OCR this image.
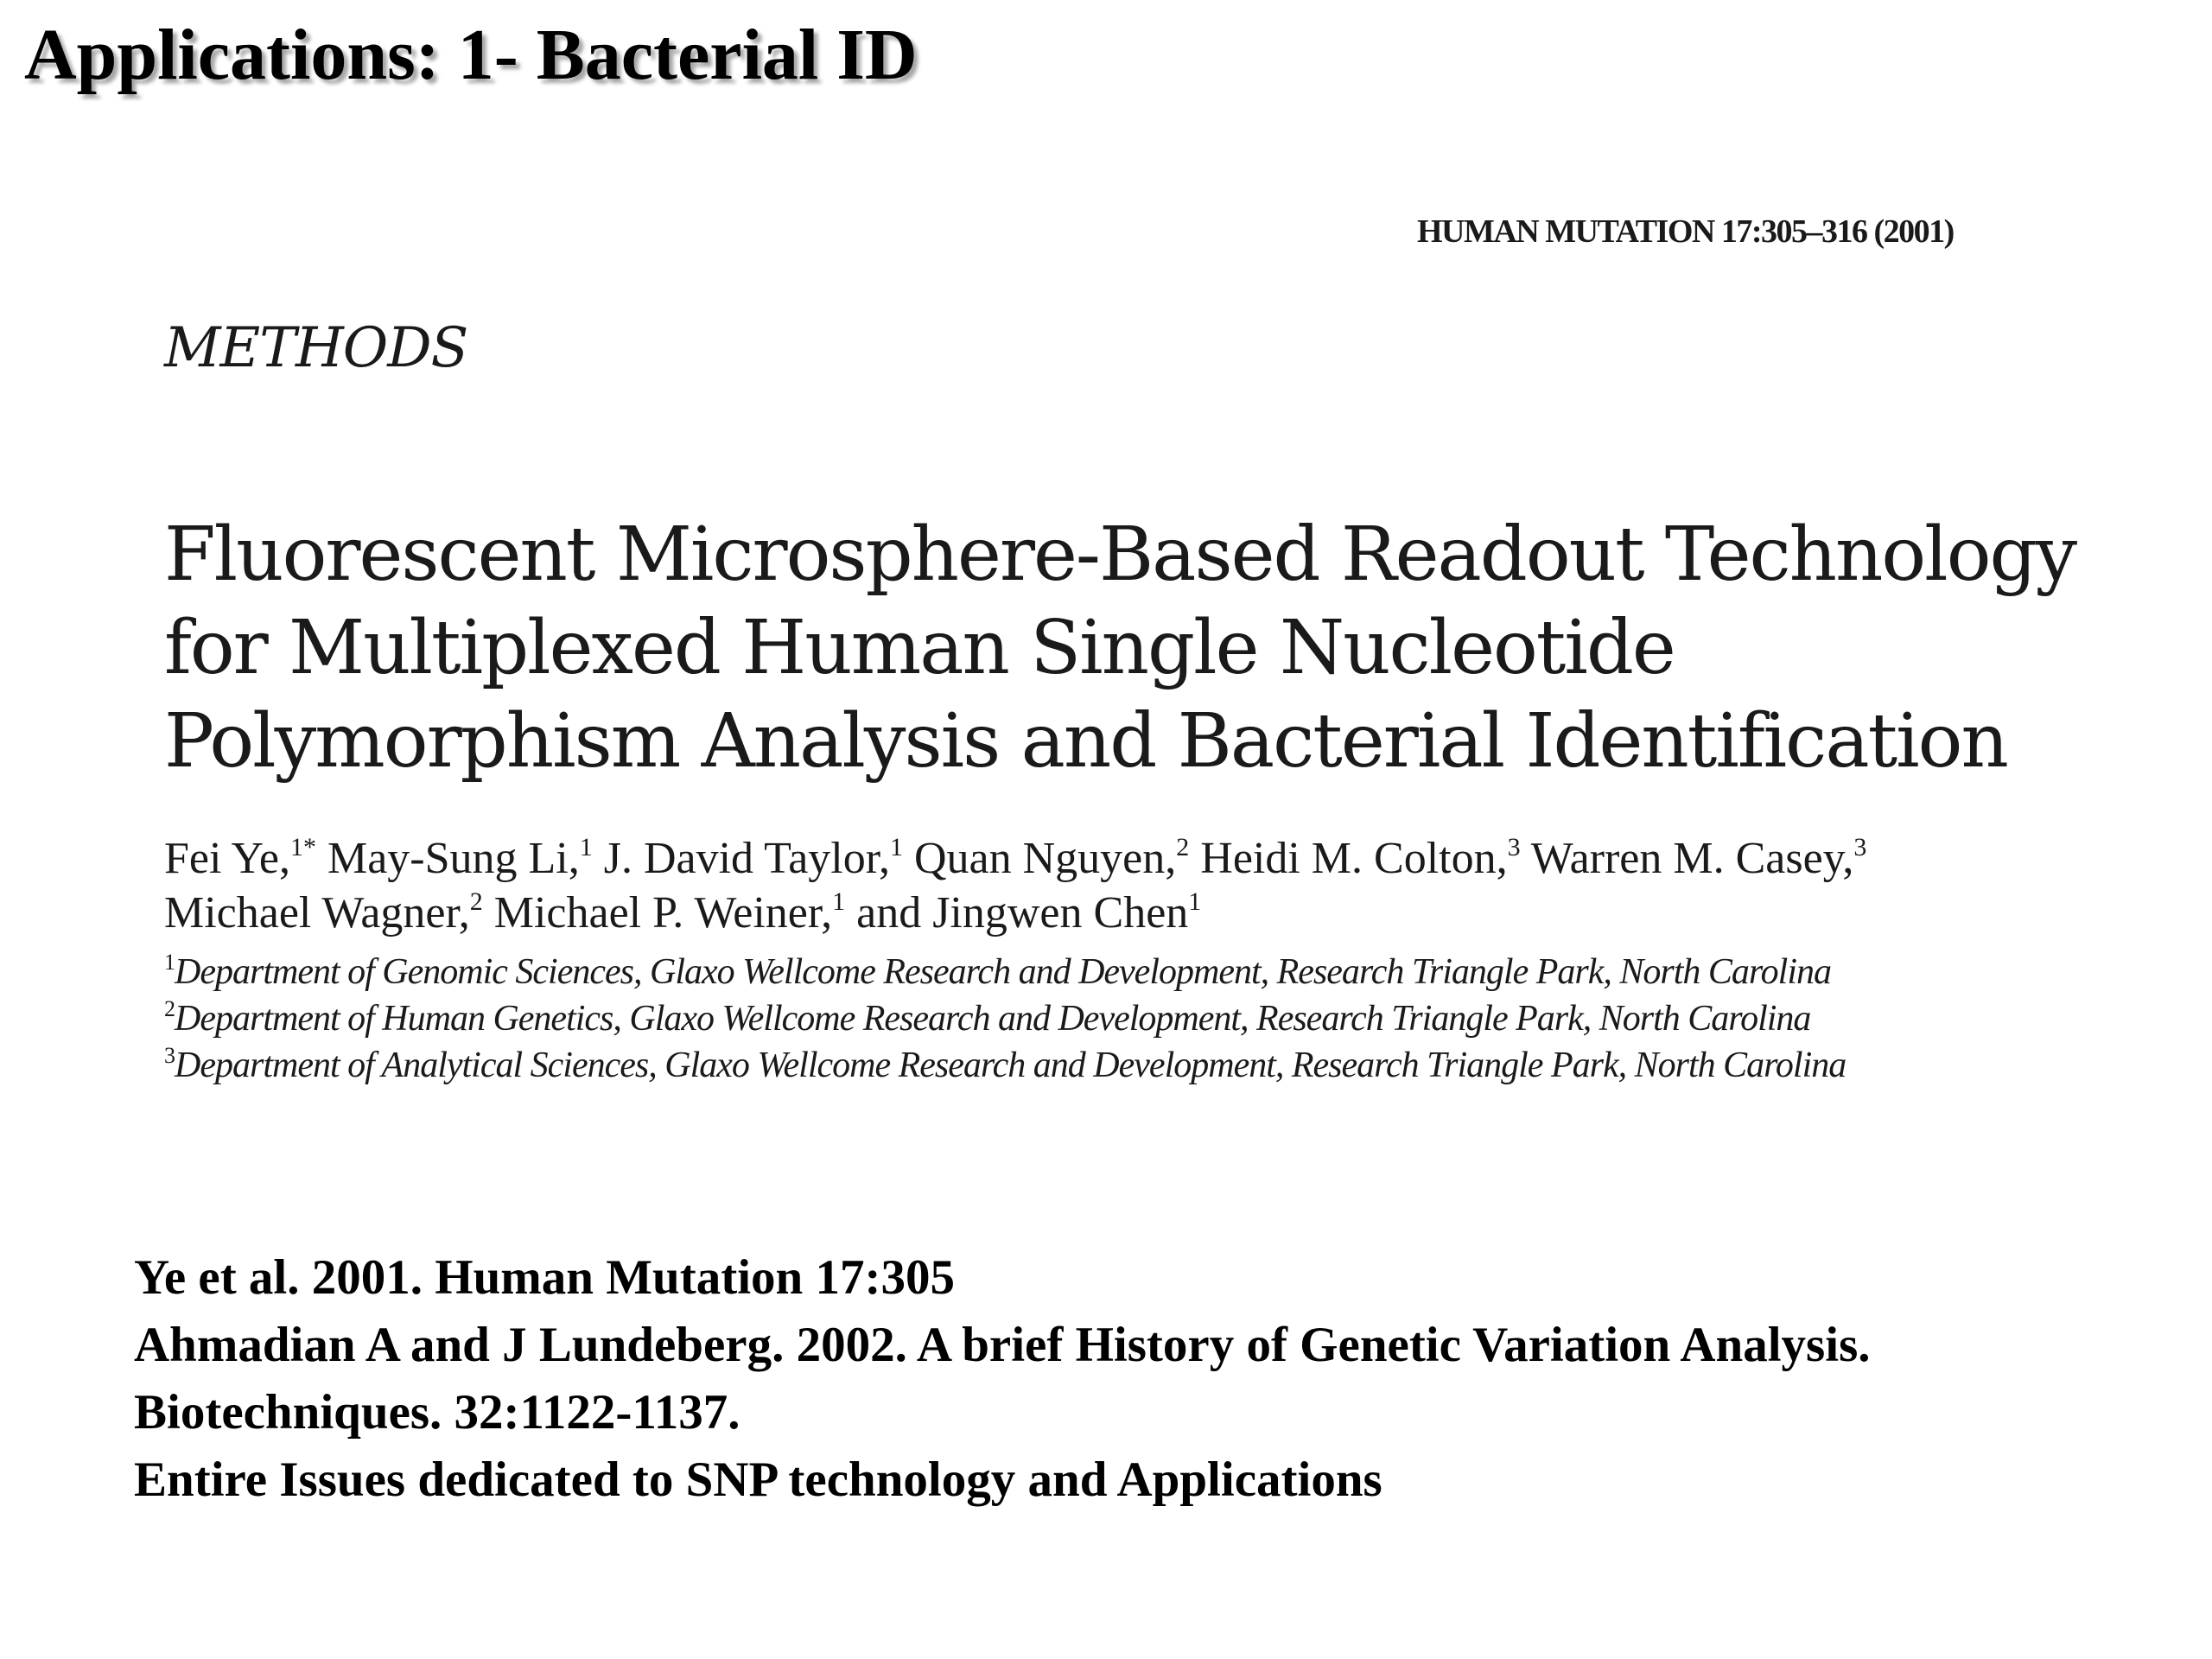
Applications: 1- Bacterial ID
HUMAN MUTATION 17:305–316 (2001)
METHODS
Fluorescent Microsphere-Based Readout Technology
for Multiplexed Human Single Nucleotide
Polymorphism Analysis and Bacterial Identification
Fei Ye,$^{1*}$ May-Sung Li,$^1$ J. David Taylor,$^1$ Quan Nguyen,$^2$ Heidi M. Colton,$^3$ Warren M. Casey,$^3$
Michael Wagner,$^2$ Michael P. Weiner,$^1$ and Jingwen Chen$^1$
$^1$Department of Genomic Sciences, Glaxo Wellcome Research and Development, Research Triangle Park, North Carolina
$^2$Department of Human Genetics, Glaxo Wellcome Research and Development, Research Triangle Park, North Carolina
$^3$Department of Analytical Sciences, Glaxo Wellcome Research and Development, Research Triangle Park, North Carolina
Ye et al. 2001. Human Mutation 17:305
Ahmadian A and J Lundeberg. 2002. A brief History of Genetic Variation Analysis.
Biotechniques. 32:1122-1137.
Entire Issues dedicated to SNP technology and Applications
